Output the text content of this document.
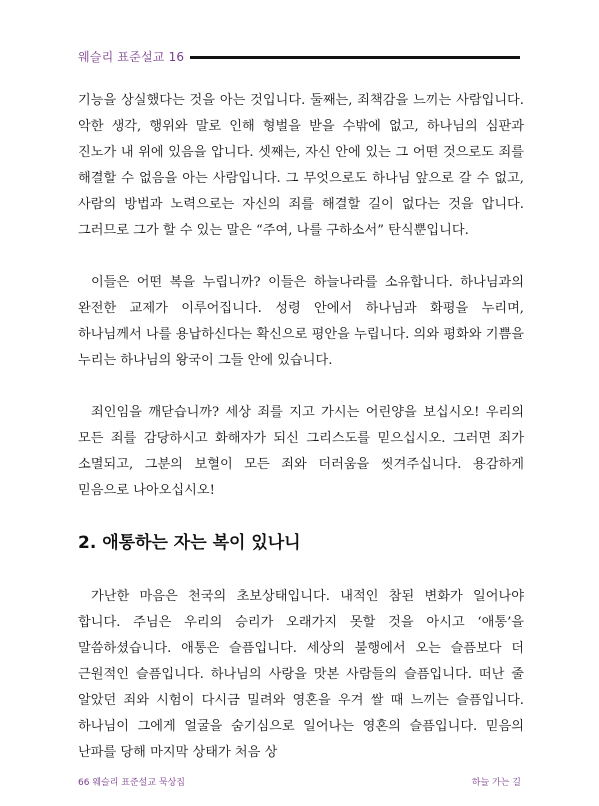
웨슬리 표준설교 16

기능을 상실했다는 것을 아는 것입니다. 둘째는, 죄책감을 느끼는 사람입니다. 악한 생각, 행위와 말로 인해 형벌을 받을 수밖에 없고, 하나님의 심판과 진노가 내 위에 있음을 압니다. 셋째는, 자신 안에 있는 그 어떤 것으로도 죄를 해결할 수 없음을 아는 사람입니다. 그 무엇으로도 하나님 앞으로 갈 수 없고, 사람의 방법과 노력으로는 자신의 죄를 해결할 길이 없다는 것을 압니다. 그러므로 그가 할 수 있는 말은 “주여, 나를 구하소서” 탄식뿐입니다.

이들은 어떤 복을 누립니까? 이들은 하늘나라를 소유합니다. 하나님과의 완전한 교제가 이루어집니다. 성령 안에서 하나님과 화평을 누리며, 하나님께서 나를 용납하신다는 확신으로 평안을 누립니다. 의와 평화와 기쁨을 누리는 하나님의 왕국이 그들 안에 있습니다.

죄인임을 깨닫습니까? 세상 죄를 지고 가시는 어린양을 보십시오! 우리의 모든 죄를 감당하시고 화해자가 되신 그리스도를 믿으십시오. 그러면 죄가 소멸되고, 그분의 보혈이 모든 죄와 더러움을 씻겨주십니다. 용감하게 믿음으로 나아오십시오!

2. 애통하는 자는 복이 있나니

가난한 마음은 천국의 초보상태입니다. 내적인 참된 변화가 일어나야 합니다. 주님은 우리의 승리가 오래가지 못할 것을 아시고 ‘애통’을 말씀하셨습니다. 애통은 슬픔입니다. 세상의 불행에서 오는 슬픔보다 더 근원적인 슬픔입니다. 하나님의 사랑을 맛본 사람들의 슬픔입니다. 떠난 줄 알았던 죄와 시험이 다시금 밀려와 영혼을 우겨 쌀 때 느끼는 슬픔입니다. 하나님이 그에게 얼굴을 숨기심으로 일어나는 영혼의 슬픔입니다. 믿음의 난파를 당해 마지막 상태가 처음 상

66 웨슬리 표준설교 묵상집	하늘 가는 길
